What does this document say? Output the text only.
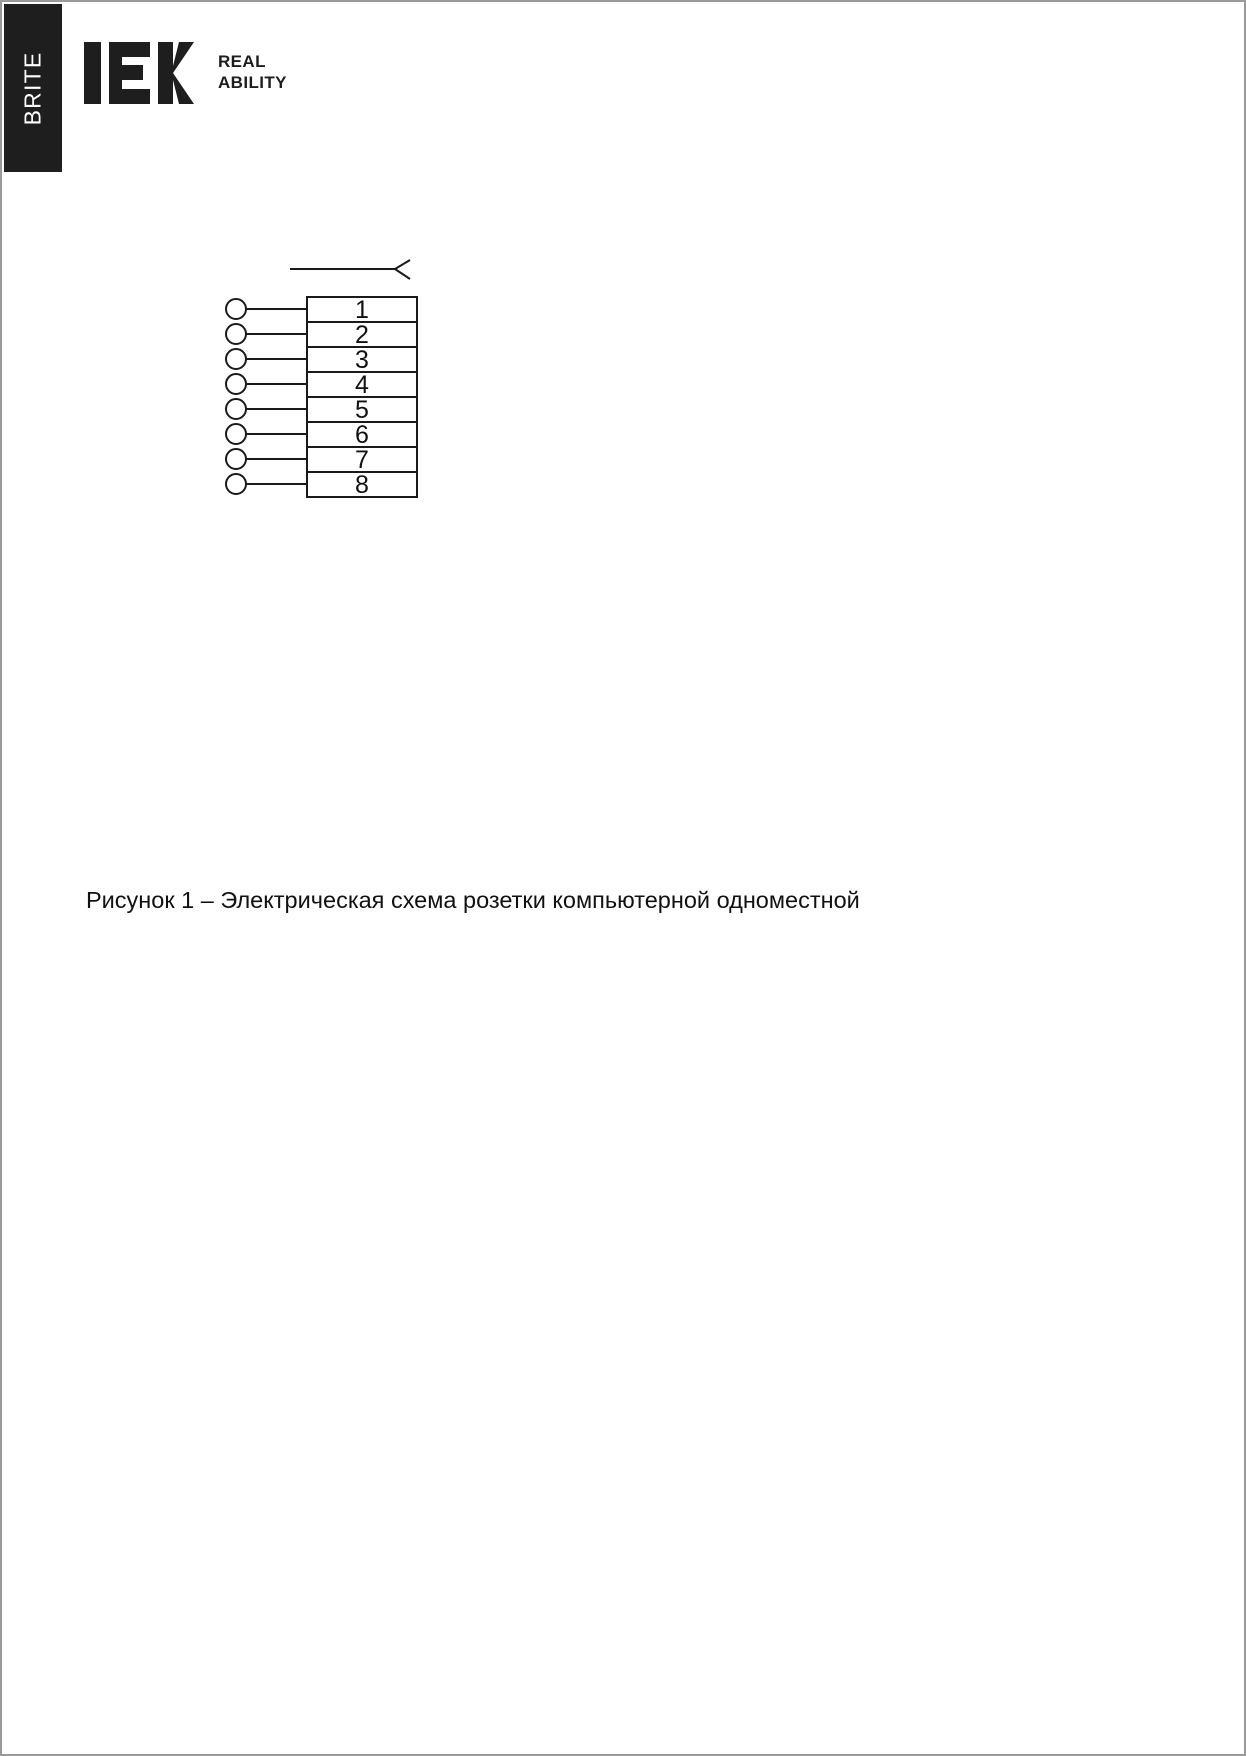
BRITE	REAL
ABILITY
1
2
3
4
5
6
7
8
Рисунок 1 – Электрическая схема розетки компьютерной одноместной
